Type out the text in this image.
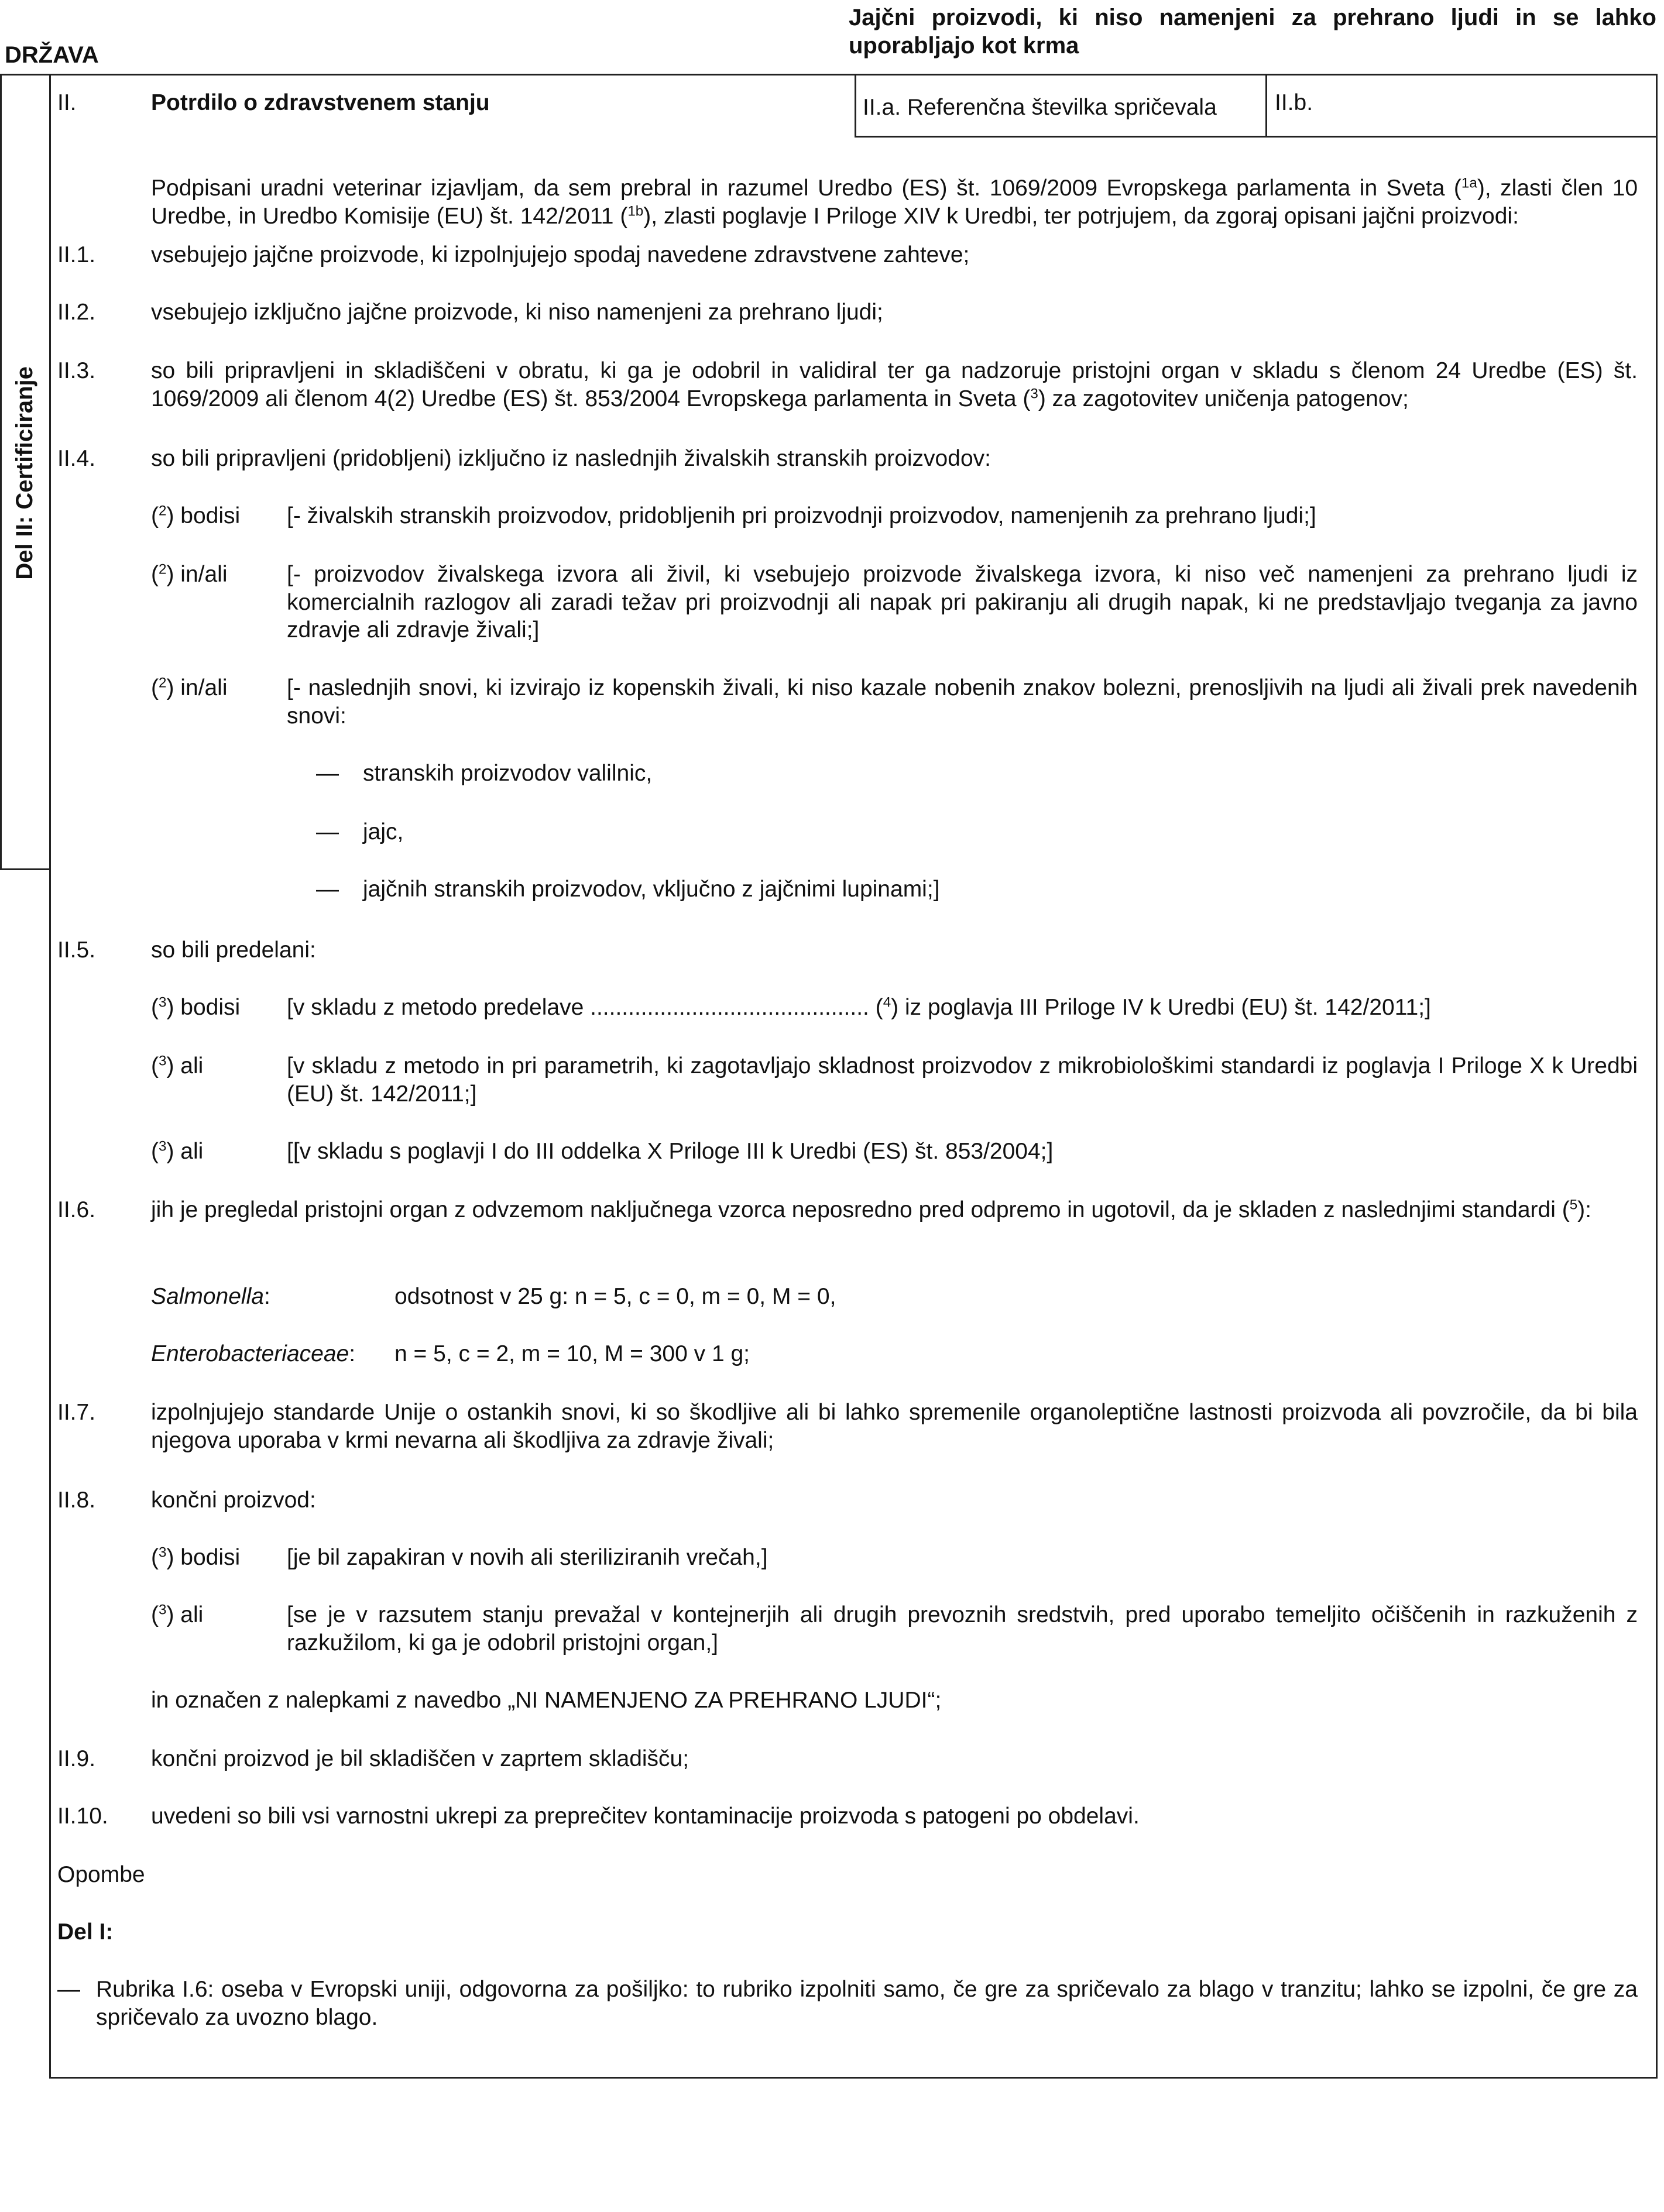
DRŽAVA
Jajčni proizvodi, ki niso namenjeni za prehrano ljudi in se lahko uporabljajo kot krma
Del II: Certificiranje
II.	Potrdilo o zdravstvenem stanju	II.a. Referenčna številka spričevala	II.b.
Podpisani uradni veterinar izjavljam, da sem prebral in razumel Uredbo (ES) št. 1069/2009 Evropskega parlamenta in Sveta ($^{1a}$), zlasti člen 10 Uredbe, in Uredbo Komisije (EU) št. 142/2011 ($^{1b}$), zlasti poglavje I Priloge XIV k Uredbi, ter potrjujem, da zgoraj opisani jajčni proizvodi:
II.1. vsebujejo jajčne proizvode, ki izpolnjujejo spodaj navedene zdravstvene zahteve;
II.2. vsebujejo izključno jajčne proizvode, ki niso namenjeni za prehrano ljudi;
II.3. so bili pripravljeni in skladiščeni v obratu, ki ga je odobril in validiral ter ga nadzoruje pristojni organ v skladu s členom 24 Uredbe (ES) št. 1069/2009 ali členom 4(2) Uredbe (ES) št. 853/2004 Evropskega parlamenta in Sveta ($^3$) za zagotovitev uničenja patogenov;
II.4. so bili pripravljeni (pridobljeni) izključno iz naslednjih živalskih stranskih proizvodov:
($^2$) bodisi [- živalskih stranskih proizvodov, pridobljenih pri proizvodnji proizvodov, namenjenih za prehrano ljudi;]
($^2$) in/ali	[- proizvodov živalskega izvora ali živil, ki vsebujejo proizvode živalskega izvora, ki niso več namenjeni za prehrano ljudi iz komercialnih razlogov ali zaradi težav pri proizvodnji ali napak pri pakiranju ali drugih napak, ki ne predstavljajo tveganja za javno zdravje ali zdravje živali;]
($^2$) in/ali	[- naslednjih snovi, ki izvirajo iz kopenskih živali, ki niso kazale nobenih znakov bolezni, prenosljivih na ljudi ali živali prek navedenih snovi:
— stranskih proizvodov valilnic,
— jajc,
— jajčnih stranskih proizvodov, vključno z jajčnimi lupinami;]
II.5. so bili predelani:
($^3$) bodisi [v skladu z metodo predelave ............................................ ($^4$) iz poglavja III Priloge IV k Uredbi (EU) št. 142/2011;]
($^3$) ali	[v skladu z metodo in pri parametrih, ki zagotavljajo skladnost proizvodov z mikrobiološkimi standardi iz poglavja I Priloge X k Uredbi (EU) št. 142/2011;]
($^3$) ali	[[v skladu s poglavji I do III oddelka X Priloge III k Uredbi (ES) št. 853/2004;]
II.6. jih je pregledal pristojni organ z odvzemom naključnega vzorca neposredno pred odpremo in ugotovil, da je skladen z naslednjimi standardi ($^5$):
Salmonella:	odsotnost v 25 g: n = 5, c = 0, m = 0, M = 0,
Enterobacteriaceae: n = 5, c = 2, m = 10, M = 300 v 1 g;
II.7. izpolnjujejo standarde Unije o ostankih snovi, ki so škodljive ali bi lahko spremenile organoleptične lastnosti proizvoda ali povzročile, da bi bila njegova uporaba v krmi nevarna ali škodljiva za zdravje živali;
II.8. končni proizvod:
($^3$) bodisi [je bil zapakiran v novih ali steriliziranih vrečah,]
($^3$) ali	[se je v razsutem stanju prevažal v kontejnerjih ali drugih prevoznih sredstvih, pred uporabo temeljito očiščenih in razkuženih z razkužilom, ki ga je odobril pristojni organ,]
in označen z nalepkami z navedbo „NI NAMENJENO ZA PREHRANO LJUDI“;
II.9. končni proizvod je bil skladiščen v zaprtem skladišču;
II.10. uvedeni so bili vsi varnostni ukrepi za preprečitev kontaminacije proizvoda s patogeni po obdelavi.
Opombe
Del I:
— Rubrika I.6: oseba v Evropski uniji, odgovorna za pošiljko: to rubriko izpolniti samo, če gre za spričevalo za blago v tranzitu; lahko se izpolni, če gre za spričevalo za uvozno blago.
